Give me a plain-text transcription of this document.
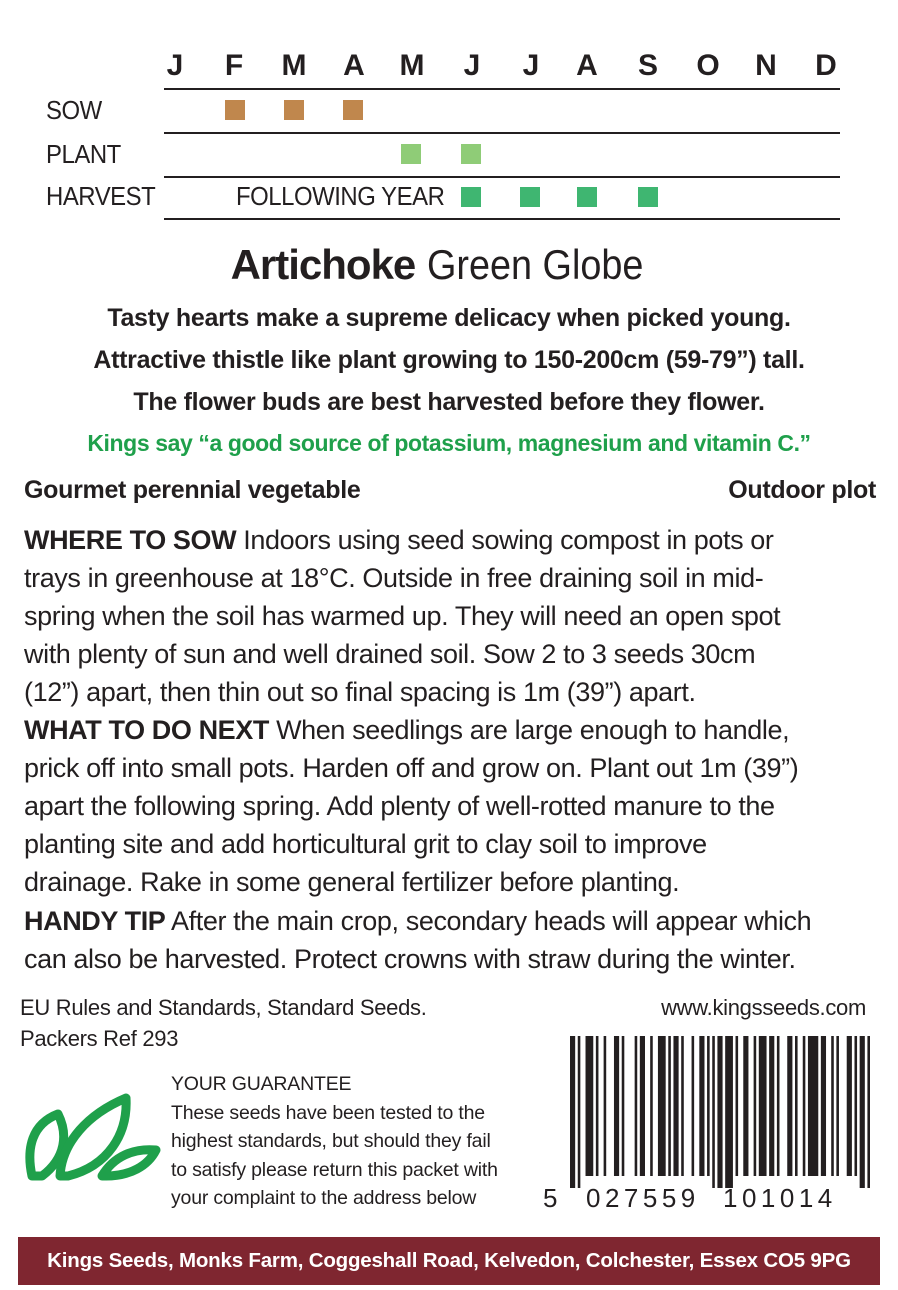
J	F	M	A	M	J	J	A	S	O	N	D
SOW
PLANT
HARVEST	FOLLOWING YEAR
Artichoke Green Globe
Tasty hearts make a supreme delicacy when picked young.
Attractive thistle like plant growing to 150-200cm (59-79”) tall.
The flower buds are best harvested before they flower.
Kings say “a good source of potassium, magnesium and vitamin C.”
Gourmet perennial vegetable	Outdoor plot
WHERE TO SOW Indoors using seed sowing compost in pots or
trays in greenhouse at 18°C. Outside in free draining soil in mid-
spring when the soil has warmed up. They will need an open spot
with plenty of sun and well drained soil. Sow 2 to 3 seeds 30cm
(12”) apart, then thin out so final spacing is 1m (39”) apart.
WHAT TO DO NEXT When seedlings are large enough to handle,
prick off into small pots. Harden off and grow on. Plant out 1m (39”)
apart the following spring. Add plenty of well-rotted manure to the
planting site and add horticultural grit to clay soil to improve
drainage. Rake in some general fertilizer before planting.
HANDY TIP After the main crop, secondary heads will appear which
can also be harvested. Protect crowns with straw during the winter.
EU Rules and Standards, Standard Seeds.
Packers Ref 293
www.kingsseeds.com
YOUR GUARANTEE
These seeds have been tested to the
highest standards, but should they fail
to satisfy please return this packet with
your complaint to the address below	5 027559 101014
Kings Seeds, Monks Farm, Coggeshall Road, Kelvedon, Colchester, Essex CO5 9PG
